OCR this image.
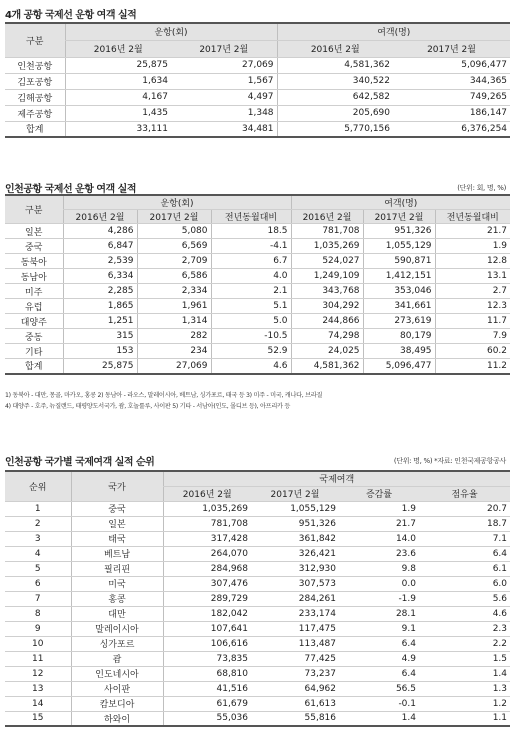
4개 공항 국제선 운항 여객 실적
구분	운항(회)		여객(명)	
	2016년 2월	2017년 2월	2016년 2월	2017년 2월
인천공항	25,875	27,069	4,581,362	5,096,477
김포공항	1,634	1,567	340,522	344,365
김해공항	4,167	4,497	642,582	749,265
제주공항	1,435	1,348	205,690	186,147
합계	33,111	34,481	5,770,156	6,376,254
인천공항 국제선 운항 여객 실적	(단위: 회, 명, %)
구분	운항(회)			여객(명)		
	2016년 2월	2017년 2월	전년동월대비	2016년 2월	2017년 2월	전년동월대비
일본	4,286	5,080	18.5	781,708	951,326	21.7
중국	6,847	6,569	-4.1	1,035,269	1,055,129	1.9
동북아	2,539	2,709	6.7	524,027	590,871	12.8
동남아	6,334	6,586	4.0	1,249,109	1,412,151	13.1
미주	2,285	2,334	2.1	343,768	353,046	2.7
유럽	1,865	1,961	5.1	304,292	341,661	12.3
대양주	1,251	1,314	5.0	244,866	273,619	11.7
중동	315	282	-10.5	74,298	80,179	7.9
기타	153	234	52.9	24,025	38,495	60.2
합계	25,875	27,069	4.6	4,581,362	5,096,477	11.2
1) 동북아 - 대만, 몽골, 마카오, 홍콩 2) 동남아 - 라오스, 말레이시아, 베트남, 싱가포르, 태국 등 3) 미주 - 미국, 캐나다, 브라질
4) 대양주 - 호주, 뉴질랜드, 태평양도서국가, 괌, 호놀룰루, 사이판 5) 기타 - 서남아(인도, 몰디브 등), 아프리카 등
인천공항 국가별 국제여객 실적 순위	(단위: 명, %) *자료: 인천국제공항공사
순위	국가	국제여객			
		2016년 2월	2017년 2월	증감률	점유율
1	중국	1,035,269	1,055,129	1.9	20.7
2	일본	781,708	951,326	21.7	18.7
3	태국	317,428	361,842	14.0	7.1
4	베트남	264,070	326,421	23.6	6.4
5	필리핀	284,968	312,930	9.8	6.1
6	미국	307,476	307,573	0.0	6.0
7	홍콩	289,729	284,261	-1.9	5.6
8	대만	182,042	233,174	28.1	4.6
9	말레이시아	107,641	117,475	9.1	2.3
10	싱가포르	106,616	113,487	6.4	2.2
11	괌	73,835	77,425	4.9	1.5
12	인도네시아	68,810	73,237	6.4	1.4
13	사이판	41,516	64,962	56.5	1.3
14	캄보디아	61,679	61,613	-0.1	1.2
15	하와이	55,036	55,816	1.4	1.1
